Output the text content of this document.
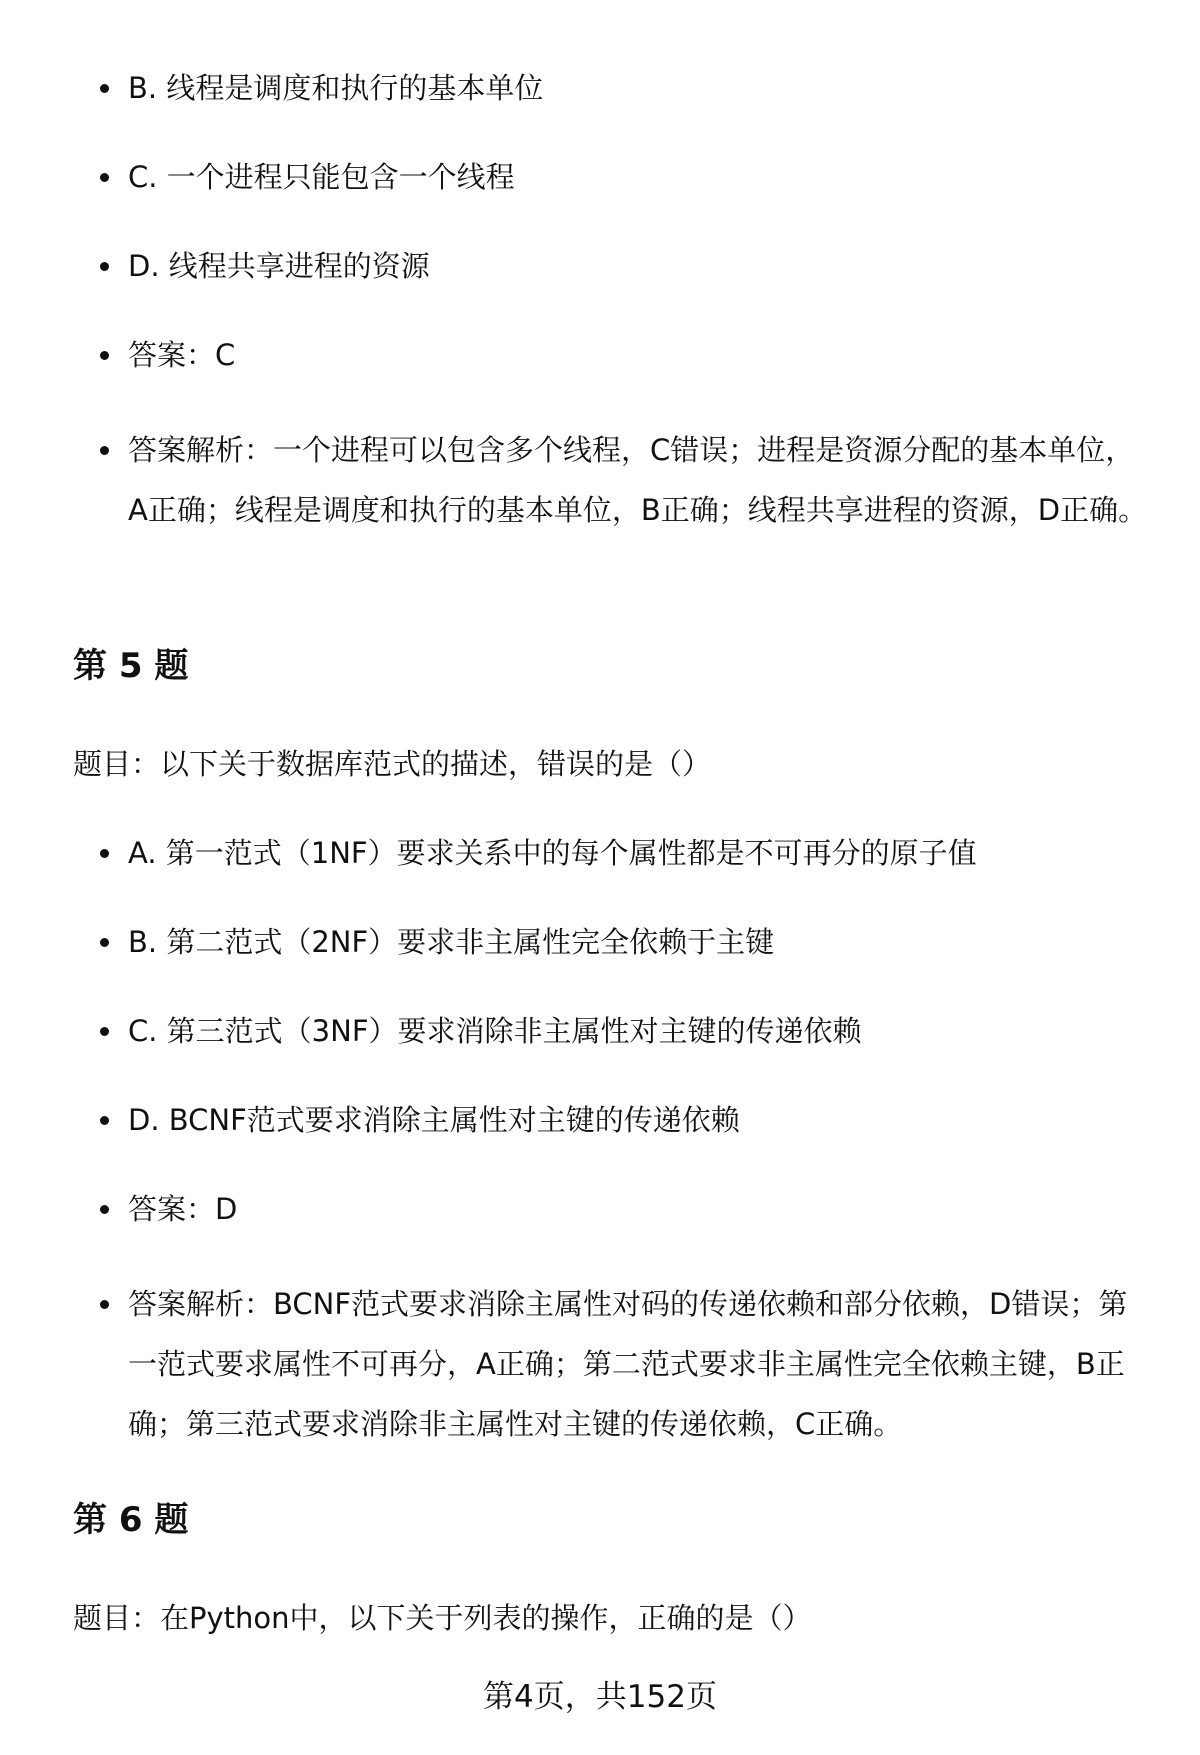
B. 线程是调度和执行的基本单位
C. 一个进程只能包含一个线程
D. 线程共享进程的资源
答案：C
答案解析：一个进程可以包含多个线程，C错误；进程是资源分配的基本单位，A正确；线程是调度和执行的基本单位，B正确；线程共享进程的资源，D正确。
第 5 题

题目：以下关于数据库范式的描述，错误的是（）

A. 第一范式（1NF）要求关系中的每个属性都是不可再分的原子值
B. 第二范式（2NF）要求非主属性完全依赖于主键
C. 第三范式（3NF）要求消除非主属性对主键的传递依赖
D. BCNF范式要求消除主属性对主键的传递依赖
答案：D
答案解析：BCNF范式要求消除主属性对码的传递依赖和部分依赖，D错误；第一范式要求属性不可再分，A正确；第二范式要求非主属性完全依赖主键，B正确；第三范式要求消除非主属性对主键的传递依赖，C正确。
第 6 题

题目：在Python中，以下关于列表的操作，正确的是（）

第4页，共152页
